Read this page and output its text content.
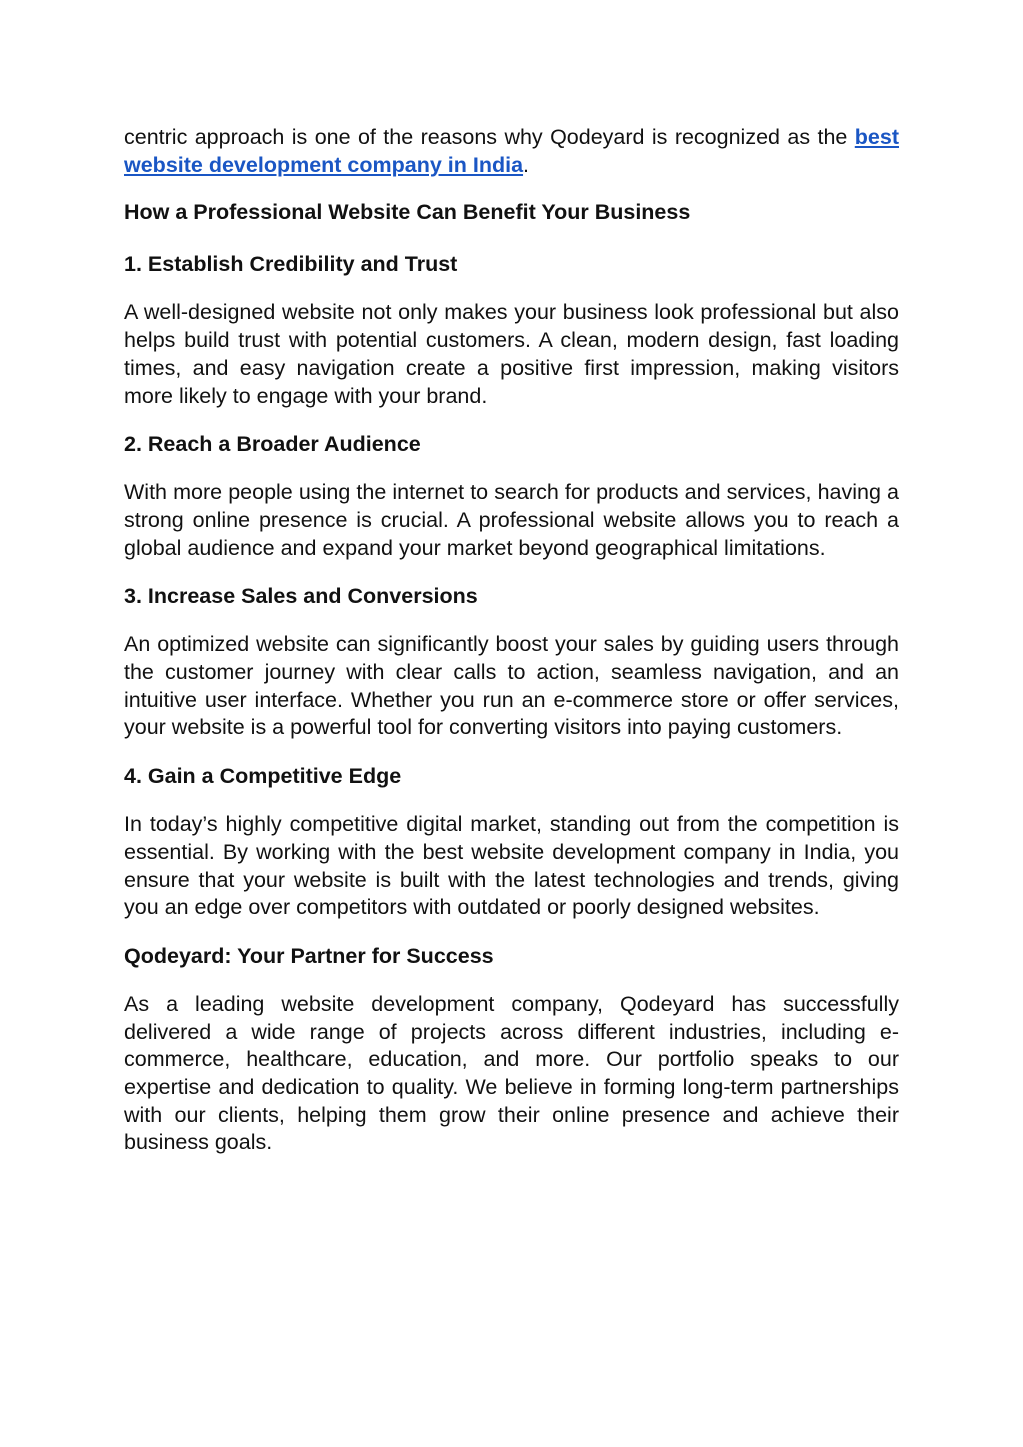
centric approach is one of the reasons why Qodeyard is recognized as the best website development company in India.

How a Professional Website Can Benefit Your Business
1. Establish Credibility and Trust

A well-designed website not only makes your business look professional but also helps build trust with potential customers. A clean, modern design, fast loading times, and easy navigation create a positive first impression, making visitors more likely to engage with your brand.

2. Reach a Broader Audience

With more people using the internet to search for products and services, having a strong online presence is crucial. A professional website allows you to reach a global audience and expand your market beyond geographical limitations.

3. Increase Sales and Conversions

An optimized website can significantly boost your sales by guiding users through the customer journey with clear calls to action, seamless navigation, and an intuitive user interface. Whether you run an e-commerce store or offer services, your website is a powerful tool for converting visitors into paying customers.

4. Gain a Competitive Edge

In today’s highly competitive digital market, standing out from the competition is essential. By working with the best website development company in India, you ensure that your website is built with the latest technologies and trends, giving you an edge over competitors with outdated or poorly designed websites.

Qodeyard: Your Partner for Success

As a leading website development company, Qodeyard has successfully delivered a wide range of projects across different industries, including e-commerce, healthcare, education, and more. Our portfolio speaks to our expertise and dedication to quality. We believe in forming long-term partnerships with our clients, helping them grow their online presence and achieve their business goals.
